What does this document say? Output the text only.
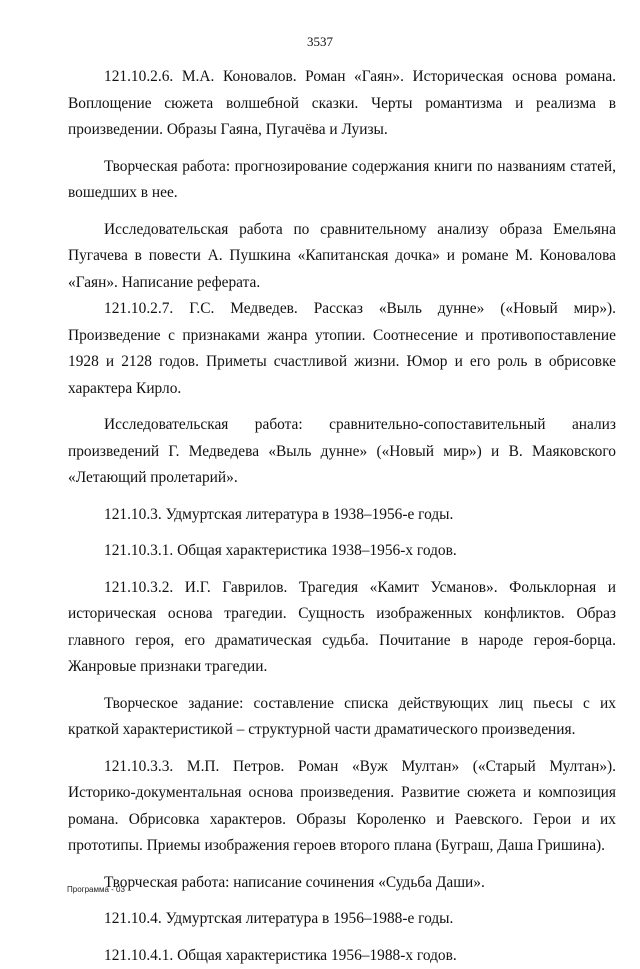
3537

121.10.2.6. М.А. Коновалов. Роман «Гаян». Историческая основа романа. Воплощение сюжета волшебной сказки. Черты романтизма и реализма в произведении. Образы Гаяна, Пугачёва и Луизы.

Творческая работа: прогнозирование содержания книги по названиям статей, вошедших в нее.

Исследовательская работа по сравнительному анализу образа Емельяна Пугачева в повести А. Пушкина «Капитанская дочка» и романе М. Коновалова «Гаян». Написание реферата.

121.10.2.7. Г.С. Медведев. Рассказ «Выль дунне» («Новый мир»). Произведение с признаками жанра утопии. Соотнесение и противопоставление 1928 и 2128 годов. Приметы счастливой жизни. Юмор и его роль в обрисовке характера Кирло.

Исследовательская работа: сравнительно-сопоставительный анализ произведений Г. Медведева «Выль дунне» («Новый мир») и В. Маяковского «Летающий пролетарий».

121.10.3. Удмуртская литература в 1938–1956-е годы.

121.10.3.1. Общая характеристика 1938–1956-х годов.

121.10.3.2. И.Г. Гаврилов. Трагедия «Камит Усманов». Фольклорная и историческая основа трагедии. Сущность изображенных конфликтов. Образ главного героя, его драматическая судьба. Почитание в народе героя-борца. Жанровые признаки трагедии.

Творческое задание: составление списка действующих лиц пьесы с их краткой характеристикой – структурной части драматического произведения.

121.10.3.3. М.П. Петров. Роман «Вуж Мултан» («Старый Мултан»). Историко-документальная основа произведения. Развитие сюжета и композиция романа. Обрисовка характеров. Образы Короленко и Раевского. Герои и их прототипы. Приемы изображения героев второго плана (Буграш, Даша Гришина).

Творческая работа: написание сочинения «Судьба Даши».

121.10.4. Удмуртская литература в 1956–1988-е годы.

121.10.4.1. Общая характеристика 1956–1988-х годов.

Программа - 03
